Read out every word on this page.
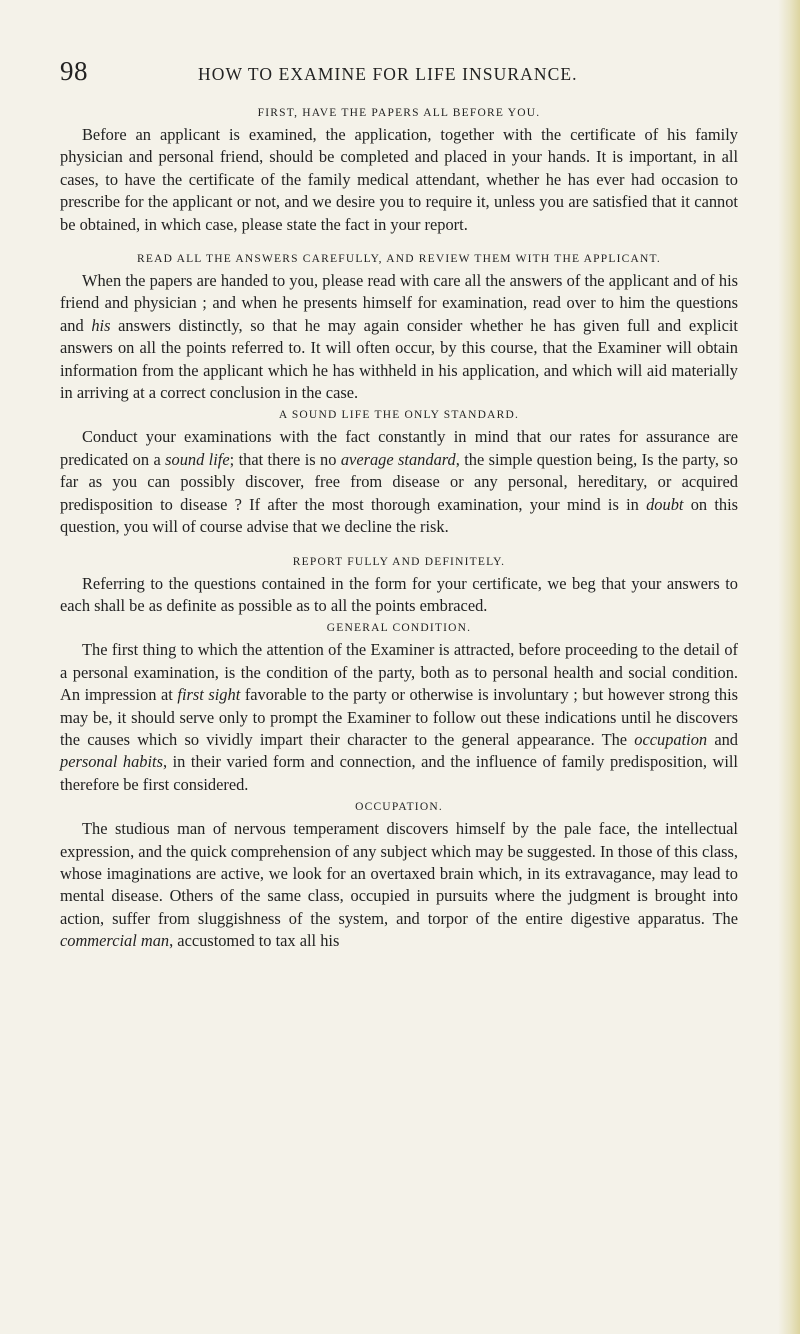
98	HOW TO EXAMINE FOR LIFE INSURANCE.

FIRST, HAVE THE PAPERS ALL BEFORE YOU.

Before an applicant is examined, the application, together with the certificate of his family physician and personal friend, should be completed and placed in your hands. It is important, in all cases, to have the certificate of the family medical attendant, whether he has ever had occasion to prescribe for the applicant or not, and we desire you to require it, unless you are satisfied that it cannot be obtained, in which case, please state the fact in your report.

READ ALL THE ANSWERS CAREFULLY, AND REVIEW THEM WITH THE APPLICANT.

When the papers are handed to you, please read with care all the answers of the applicant and of his friend and physician ; and when he presents himself for examination, read over to him the questions and his answers distinctly, so that he may again consider whether he has given full and explicit answers on all the points referred to. It will often occur, by this course, that the Examiner will obtain information from the applicant which he has withheld in his application, and which will aid materially in arriving at a correct conclusion in the case.

A SOUND LIFE THE ONLY STANDARD.

Conduct your examinations with the fact constantly in mind that our rates for assurance are predicated on a sound life; that there is no average standard, the simple question being, Is the party, so far as you can possibly discover, free from disease or any personal, hereditary, or acquired predisposition to disease ? If after the most thorough examination, your mind is in doubt on this question, you will of course advise that we decline the risk.

REPORT FULLY AND DEFINITELY.

Referring to the questions contained in the form for your certificate, we beg that your answers to each shall be as definite as possible as to all the points embraced.

GENERAL CONDITION.

The first thing to which the attention of the Examiner is attracted, before proceeding to the detail of a personal examination, is the condition of the party, both as to personal health and social condition. An impression at first sight favorable to the party or otherwise is involuntary ; but however strong this may be, it should serve only to prompt the Examiner to follow out these indications until he discovers the causes which so vividly impart their character to the general appearance. The occupation and personal habits, in their varied form and connection, and the influence of family predisposition, will therefore be first considered.

OCCUPATION.

The studious man of nervous temperament discovers himself by the pale face, the intellectual expression, and the quick comprehension of any subject which may be suggested. In those of this class, whose imaginations are active, we look for an overtaxed brain which, in its extravagance, may lead to mental disease. Others of the same class, occupied in pursuits where the judgment is brought into action, suffer from sluggishness of the system, and torpor of the entire digestive apparatus. The commercial man, accustomed to tax all his
